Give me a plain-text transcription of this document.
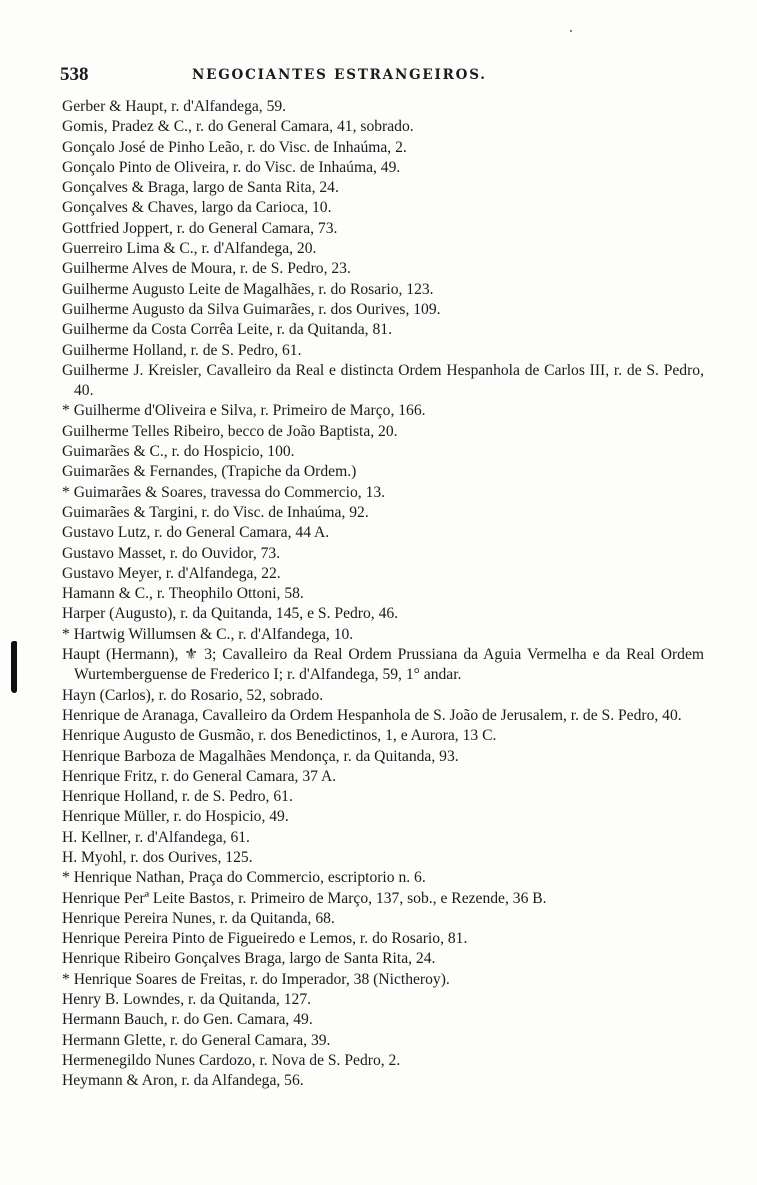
538	NEGOCIANTES ESTRANGEIROS.
Gerber & Haupt, r. d'Alfandega, 59.
Gomis, Pradez & C., r. do General Camara, 41, sobrado.
Gonçalo José de Pinho Leão, r. do Visc. de Inhaúma, 2.
Gonçalo Pinto de Oliveira, r. do Visc. de Inhaúma, 49.
Gonçalves & Braga, largo de Santa Rita, 24.
Gonçalves & Chaves, largo da Carioca, 10.
Gottfried Joppert, r. do General Camara, 73.
Guerreiro Lima & C., r. d'Alfandega, 20.
Guilherme Alves de Moura, r. de S. Pedro, 23.
Guilherme Augusto Leite de Magalhães, r. do Rosario, 123.
Guilherme Augusto da Silva Guimarães, r. dos Ourives, 109.
Guilherme da Costa Corrêa Leite, r. da Quitanda, 81.
Guilherme Holland, r. de S. Pedro, 61.
Guilherme J. Kreisler, Cavalleiro da Real e distincta Ordem Hespanhola de Carlos III, r. de S. Pedro, 40.
* Guilherme d'Oliveira e Silva, r. Primeiro de Março, 166.
Guilherme Telles Ribeiro, becco de João Baptista, 20.
Guimarães & C., r. do Hospicio, 100.
Guimarães & Fernandes, (Trapiche da Ordem.)
* Guimarães & Soares, travessa do Commercio, 13.
Guimarães & Targini, r. do Visc. de Inhaúma, 92.
Gustavo Lutz, r. do General Camara, 44 A.
Gustavo Masset, r. do Ouvidor, 73.
Gustavo Meyer, r. d'Alfandega, 22.
Hamann & C., r. Theophilo Ottoni, 58.
Harper (Augusto), r. da Quitanda, 145, e S. Pedro, 46.
* Hartwig Willumsen & C., r. d'Alfandega, 10.
Haupt (Hermann), ⚜ 3; Cavalleiro da Real Ordem Prussiana da Aguia Vermelha e da Real Ordem Wurtemberguense de Frederico I; r. d'Alfandega, 59, 1° andar.
Hayn (Carlos), r. do Rosario, 52, sobrado.
Henrique de Aranaga, Cavalleiro da Ordem Hespanhola de S. João de Jerusalem, r. de S. Pedro, 40.
Henrique Augusto de Gusmão, r. dos Benedictinos, 1, e Aurora, 13 C.
Henrique Barboza de Magalhães Mendonça, r. da Quitanda, 93.
Henrique Fritz, r. do General Camara, 37 A.
Henrique Holland, r. de S. Pedro, 61.
Henrique Müller, r. do Hospicio, 49.
H. Kellner, r. d'Alfandega, 61.
H. Myohl, r. dos Ourives, 125.
* Henrique Nathan, Praça do Commercio, escriptorio n. 6.
Henrique Perª Leite Bastos, r. Primeiro de Março, 137, sob., e Rezende, 36 B.
Henrique Pereira Nunes, r. da Quitanda, 68.
Henrique Pereira Pinto de Figueiredo e Lemos, r. do Rosario, 81.
Henrique Ribeiro Gonçalves Braga, largo de Santa Rita, 24.
* Henrique Soares de Freitas, r. do Imperador, 38 (Nictheroy).
Henry B. Lowndes, r. da Quitanda, 127.
Hermann Bauch, r. do Gen. Camara, 49.
Hermann Glette, r. do General Camara, 39.
Hermenegildo Nunes Cardozo, r. Nova de S. Pedro, 2.
Heymann & Aron, r. da Alfandega, 56.
